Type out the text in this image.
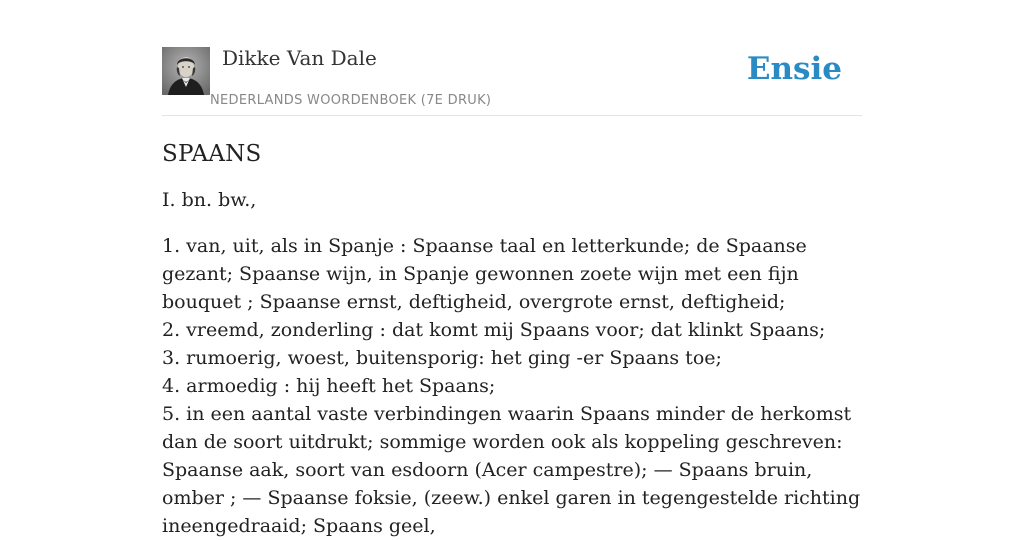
Dikke Van Dale
NEDERLANDS WOORDENBOEK (7E DRUK)
Ensie
SPAANS

I. bn. bw.,

1. van, uit, als in Spanje : Spaanse taal en letterkunde; de Spaanse gezant; Spaanse wijn, in Spanje gewonnen zoete wijn met een fijn bouquet ; Spaanse ernst, deftigheid, overgrote ernst, deftigheid;
2. vreemd, zonderling : dat komt mij Spaans voor; dat klinkt Spaans;
3. rumoerig, woest, buitensporig: het ging -er Spaans toe;
4. armoedig : hij heeft het Spaans;
5. in een aantal vaste verbindingen waarin Spaans minder de herkomst dan de soort uitdrukt; sommige worden ook als koppeling geschreven: Spaanse aak, soort van esdoorn (Acer campestre); — Spaans bruin, omber ; — Spaanse foksie, (zeew.) enkel garen in tegengestelde richting ineengedraaid; Spaans geel,
